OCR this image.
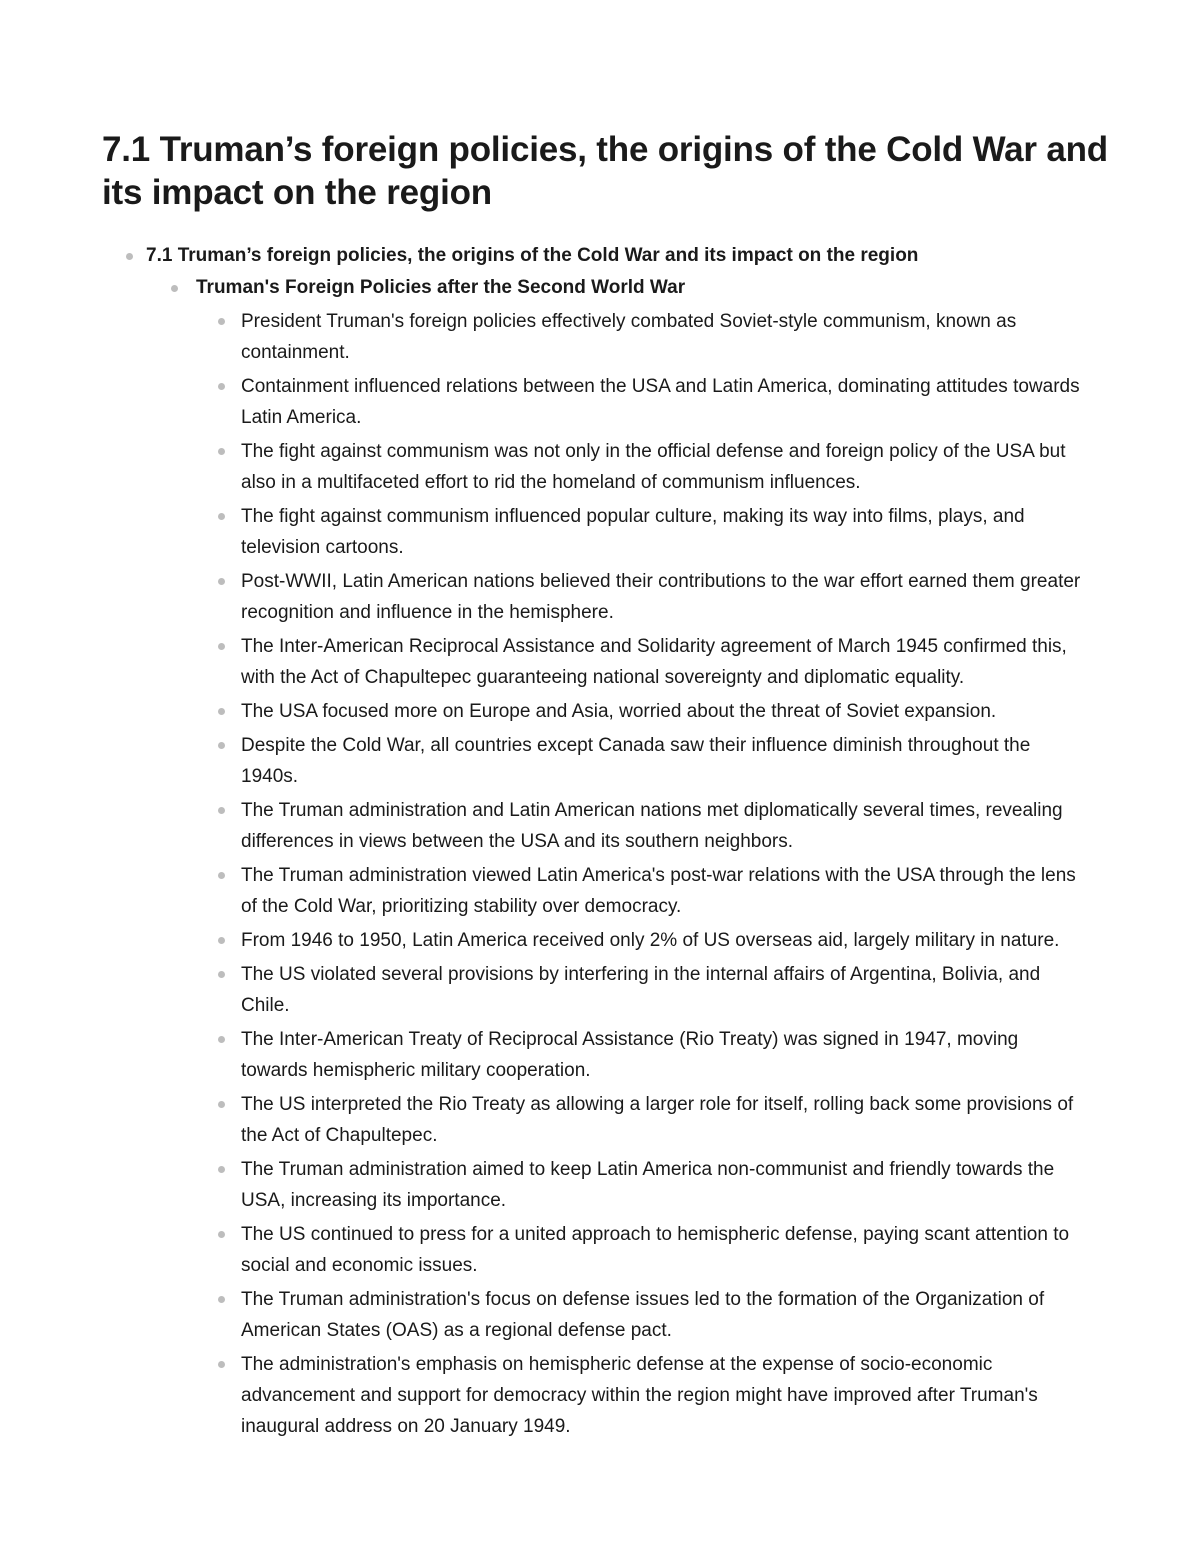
7.1 Truman’s foreign policies, the origins of the Cold War and its impact on the region
7.1 Truman’s foreign policies, the origins of the Cold War and its impact on the region
Truman's Foreign Policies after the Second World War
President Truman's foreign policies effectively combated Soviet-style communism, known as containment.
Containment influenced relations between the USA and Latin America, dominating attitudes towards Latin America.
The fight against communism was not only in the official defense and foreign policy of the USA but also in a multifaceted effort to rid the homeland of communism influences.
The fight against communism influenced popular culture, making its way into films, plays, and television cartoons.
Post-WWII, Latin American nations believed their contributions to the war effort earned them greater recognition and influence in the hemisphere.
The Inter-American Reciprocal Assistance and Solidarity agreement of March 1945 confirmed this, with the Act of Chapultepec guaranteeing national sovereignty and diplomatic equality.
The USA focused more on Europe and Asia, worried about the threat of Soviet expansion.
Despite the Cold War, all countries except Canada saw their influence diminish throughout the 1940s.
The Truman administration and Latin American nations met diplomatically several times, revealing differences in views between the USA and its southern neighbors.
The Truman administration viewed Latin America's post-war relations with the USA through the lens of the Cold War, prioritizing stability over democracy.
From 1946 to 1950, Latin America received only 2% of US overseas aid, largely military in nature.
The US violated several provisions by interfering in the internal affairs of Argentina, Bolivia, and Chile.
The Inter-American Treaty of Reciprocal Assistance (Rio Treaty) was signed in 1947, moving towards hemispheric military cooperation.
The US interpreted the Rio Treaty as allowing a larger role for itself, rolling back some provisions of the Act of Chapultepec.
The Truman administration aimed to keep Latin America non-communist and friendly towards the USA, increasing its importance.
The US continued to press for a united approach to hemispheric defense, paying scant attention to social and economic issues.
The Truman administration's focus on defense issues led to the formation of the Organization of American States (OAS) as a regional defense pact.
The administration's emphasis on hemispheric defense at the expense of socio-economic advancement and support for democracy within the region might have improved after Truman's inaugural address on 20 January 1949.
